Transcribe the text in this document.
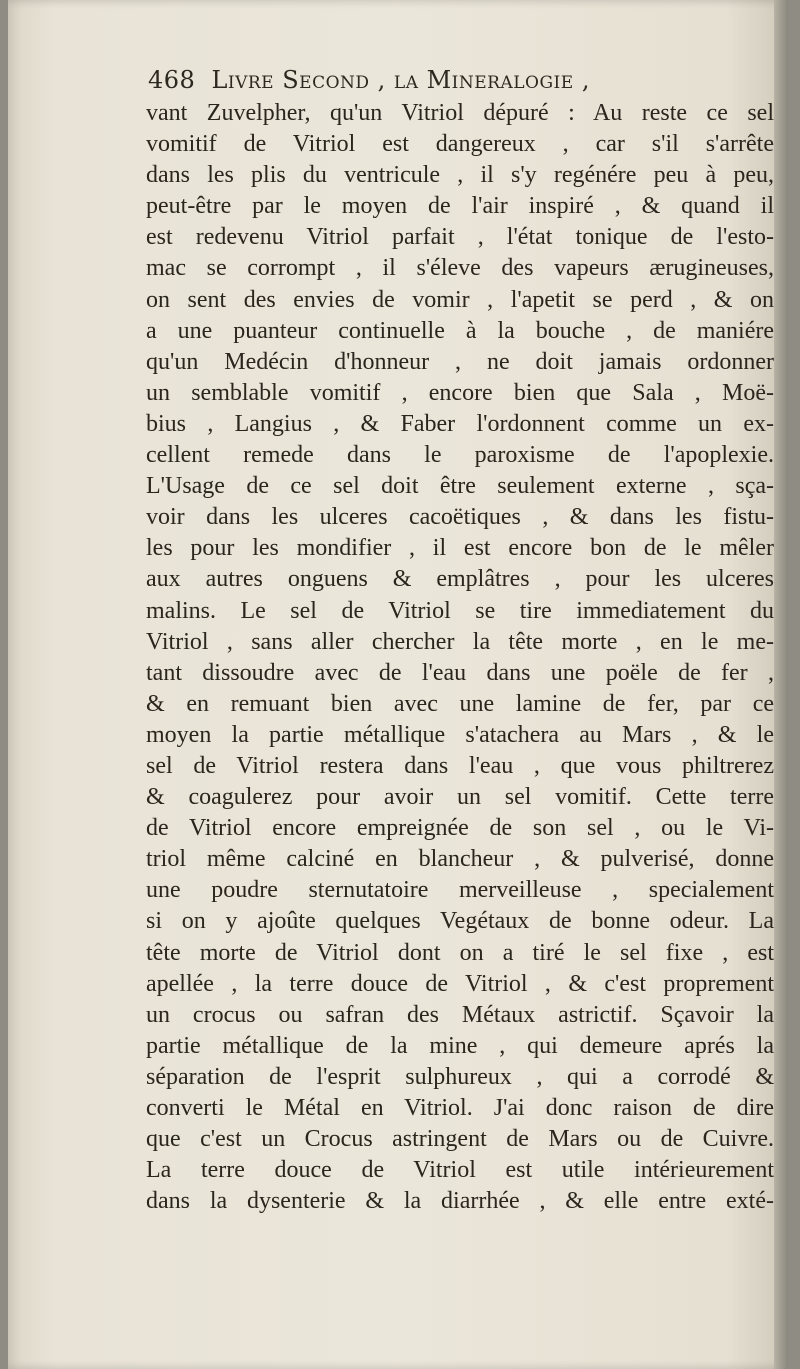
468 Livre Second , la Mineralogie ,
vant Zuvelpher, qu'un Vitriol dépuré : Au reste ce sel
vomitif de Vitriol est dangereux , car s'il s'arrête
dans les plis du ventricule , il s'y regénére peu à peu,
peut-être par le moyen de l'air inspiré , & quand il
est redevenu Vitriol parfait , l'état tonique de l'esto-
mac se corrompt , il s'éleve des vapeurs ærugineuses,
on sent des envies de vomir , l'apetit se perd , & on
a une puanteur continuelle à la bouche , de maniére
qu'un Medécin d'honneur , ne doit jamais ordonner
un semblable vomitif , encore bien que Sala , Moë-
bius , Langius , & Faber l'ordonnent comme un ex-
cellent remede dans le paroxisme de l'apoplexie.
L'Usage de ce sel doit être seulement externe , sça-
voir dans les ulceres cacoëtiques , & dans les fistu-
les pour les mondifier , il est encore bon de le mêler
aux autres onguens & emplâtres , pour les ulceres
malins. Le sel de Vitriol se tire immediatement du
Vitriol , sans aller chercher la tête morte , en le me-
tant dissoudre avec de l'eau dans une poële de fer ,
& en remuant bien avec une lamine de fer, par ce
moyen la partie métallique s'atachera au Mars , & le
sel de Vitriol restera dans l'eau , que vous philtrerez
& coagulerez pour avoir un sel vomitif. Cette terre
de Vitriol encore empreignée de son sel , ou le Vi-
triol même calciné en blancheur , & pulverisé, donne
une poudre sternutatoire merveilleuse , specialement
si on y ajoûte quelques Vegétaux de bonne odeur. La
tête morte de Vitriol dont on a tiré le sel fixe , est
apellée , la terre douce de Vitriol , & c'est proprement
un crocus ou safran des Métaux astrictif. Sçavoir la
partie métallique de la mine , qui demeure aprés la
séparation de l'esprit sulphureux , qui a corrodé &
converti le Métal en Vitriol. J'ai donc raison de dire
que c'est un Crocus astringent de Mars ou de Cuivre.
La terre douce de Vitriol est utile intérieurement
dans la dysenterie & la diarrhée , & elle entre exté-
